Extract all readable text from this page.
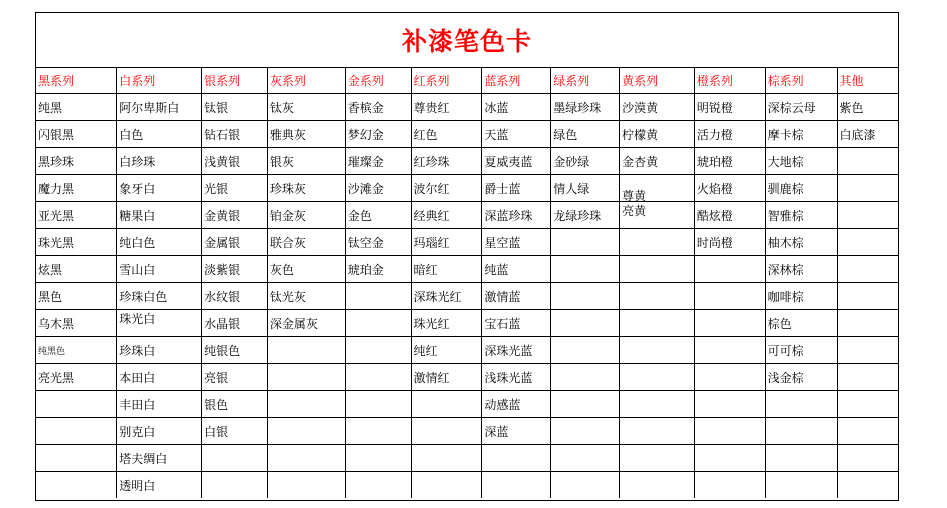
补漆笔色卡
黑系列	白系列	银系列	灰系列	金系列	红系列	蓝系列	绿系列	黄系列	橙系列	棕系列	其他
纯黑	阿尔卑斯白	钛银	钛灰	香槟金	尊贵红	冰蓝	墨绿珍珠	沙漠黄	明锐橙	深棕云母	紫色
闪银黑	白色	钻石银	雅典灰	梦幻金	红色	天蓝	绿色	柠檬黄	活力橙	摩卡棕	白底漆
黑珍珠	白珍珠	浅黄银	银灰	璀璨金	红珍珠	夏威夷蓝	金砂绿	金杏黄	琥珀橙	大地棕	
魔力黑	象牙白	光银	珍珠灰	沙滩金	波尔红	爵士蓝	情人绿	尊黄	火焰橙	驯鹿棕	
亚光黑	糖果白	金黄银	铂金灰	金色	经典红	深蓝珍珠	龙绿珍珠	亮黄	酷炫橙	智雅棕	
珠光黑	纯白色	金属银	联合灰	钛空金	玛瑙红	星空蓝			时尚橙	柚木棕	
炫黑	雪山白	淡紫银	灰色	琥珀金	暗红	纯蓝				深林棕	
黑色	珍珠白色	水纹银	钛光灰		深珠光红	激情蓝				咖啡棕	
乌木黑	珠光白	水晶银	深金属灰		珠光红	宝石蓝				棕色	
纯黑色	珍珠白	纯银色			纯红	深珠光蓝				可可棕	
亮光黑	本田白	亮银			激情红	浅珠光蓝				浅金棕	
	丰田白	银色				动感蓝					
	别克白	白银				深蓝					
	塔夫绸白										
	透明白										
